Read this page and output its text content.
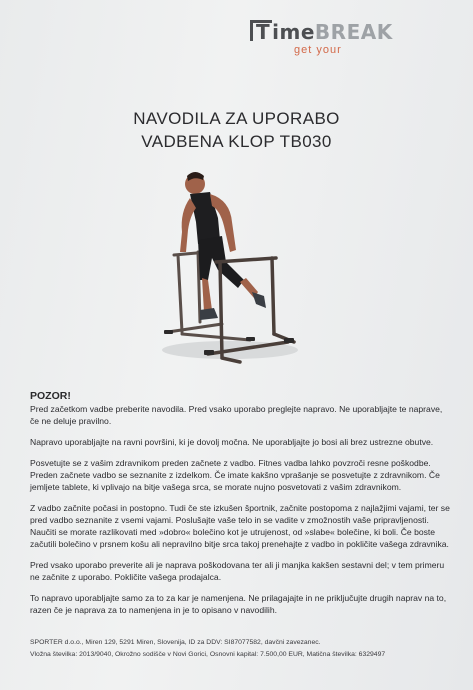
T imeBREAK
get your
NAVODILA ZA UPORABO
VADBENA KLOP TB030

POZOR!

Pred začetkom vadbe preberite navodila. Pred vsako uporabo preglejte napravo. Ne uporabljajte te naprave, če ne deluje pravilno.

Napravo uporabljajte na ravni površini, ki je dovolj močna. Ne uporabljajte jo bosi ali brez ustrezne obutve.

Posvetujte se z vašim zdravnikom preden začnete z vadbo. Fitnes vadba lahko povzroči resne poškodbe. Preden začnete vadbo se seznanite z izdelkom. Če imate kakšno vprašanje se posvetujte z zdravnikom. Če jemljete tablete, ki vplivajo na bitje vašega srca, se morate nujno posvetovati z vašim zdravnikom.

Z vadbo začnite počasi in postopno. Tudi če ste izkušen športnik, začnite postopoma z najlažjimi vajami, ter se pred vadbo seznanite z vsemi vajami. Poslušajte vaše telo in se vadite v zmožnostih vaše pripravljenosti. Naučiti se morate razlikovati med »dobro« bolečino kot je utrujenost, od »slabe« bolečine, ki boli. Če boste začutili bolečino v prsnem košu ali nepravilno bitje srca takoj prenehajte z vadbo in pokličite vašega zdravnika.

Pred vsako uporabo preverite ali je naprava poškodovana ter ali ji manjka kakšen sestavni del; v tem primeru ne začnite z uporabo. Pokličite vašega prodajalca.

To napravo uporabljajte samo za to za kar je namenjena. Ne prilagajajte in ne priključujte drugih naprav na to, razen če je naprava za to namenjena in je to opisano v navodilih.

SPORTER d.o.o., Miren 129, 5291 Miren, Slovenija, ID za DDV: SI87077582, davčni zavezanec.

Vložna številka: 2013/9040, Okrožno sodišče v Novi Gorici, Osnovni kapital: 7.500,00 EUR, Matična številka: 6329497
